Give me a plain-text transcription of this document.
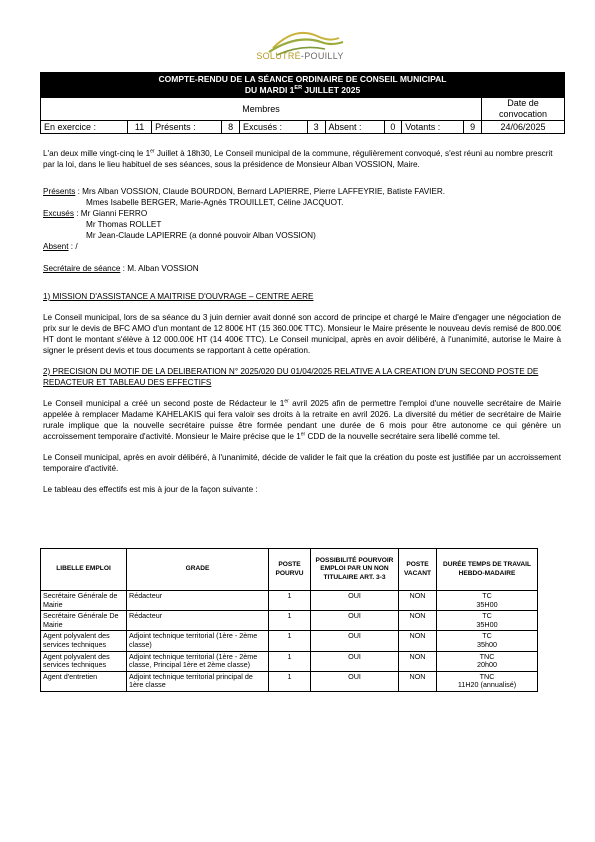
SOLUTRÉ-POUILLY
COMPTE-RENDU DE LA SÉANCE ORDINAIRE DE CONSEIL MUNICIPAL
DU MARDI 1ER JUILLET 2025										

Membres										Date de convocation

En exercice :	11	Présents :	8	Excusés :	3	Absent :	0	Votants :	9	24/06/2025

L'an deux mille vingt-cinq le 1er Juillet à 18h30, Le Conseil municipal de la commune, régulièrement convoqué, s'est réuni au nombre prescrit par la loi, dans le lieu habituel de ses séances, sous la présidence de Monsieur Alban VOSSION, Maire.

Présents : Mrs Alban VOSSION, Claude BOURDON, Bernard LAPIERRE, Pierre LAFFEYRIE, Batiste FAVIER.

Mmes Isabelle BERGER, Marie-Agnès TROUILLET, Céline JACQUOT.

Excusés : Mr Gianni FERRO

Mr Thomas ROLLET

Mr Jean-Claude LAPIERRE (a donné pouvoir Alban VOSSION)

Absent : /

Secrétaire de séance : M. Alban VOSSION

1) MISSION D'ASSISTANCE A MAITRISE D'OUVRAGE – CENTRE AERE

Le Conseil municipal, lors de sa séance du 3 juin dernier avait donné son accord de principe et chargé le Maire d'engager une négociation de prix sur le devis de BFC AMO d'un montant de 12 800€ HT (15 360.00€ TTC). Monsieur le Maire présente le nouveau devis remisé de 800.00€ HT dont le montant s'élève à 12 000.00€ HT (14 400€ TTC). Le Conseil municipal, après en avoir délibéré, à l'unanimité, autorise le Maire à signer le présent devis et tous documents se rapportant à cette opération.

2) PRECISION DU MOTIF DE LA DELIBERATION N° 2025/020 DU 01/04/2025 RELATIVE A LA CREATION D'UN SECOND POSTE DE REDACTEUR ET TABLEAU DES EFFECTIFS

Le Conseil municipal a créé un second poste de Rédacteur le 1er avril 2025 afin de permettre l'emploi d'une nouvelle secrétaire de Mairie appelée à remplacer Madame KAHELAKIS qui fera valoir ses droits à la retraite en avril 2026. La diversité du métier de secrétaire de Mairie rurale implique que la nouvelle secrétaire puisse être formée pendant une durée de 6 mois pour être autonome ce qui génère un accroissement temporaire d'activité. Monsieur le Maire précise que le 1er CDD de la nouvelle secrétaire sera libellé comme tel.

Le Conseil municipal, après en avoir délibéré, à l'unanimité, décide de valider le fait que la création du poste est justifiée par un accroissement temporaire d'activité.

Le tableau des effectifs est mis à jour de la façon suivante :

LIBELLE EMPLOI	GRADE	POSTE POURVU	POSSIBILITÉ POURVOIR EMPLOI PAR UN NON TITULAIRE ART. 3-3	POSTE VACANT	DURÉE TEMPS DE TRAVAIL HEBDO-MADAIRE
Secrétaire Générale de Mairie	Rédacteur	1	OUI	NON	TC
35H00

Secrétaire Générale De Mairie	Rédacteur	1	OUI	NON	TC
35H00

Agent polyvalent des services techniques	Adjoint technique territorial (1ère - 2ème classe)	1	OUI	NON	TC
35h00

Agent polyvalent des services techniques	Adjoint technique territorial (1ère - 2ème classe, Principal 1ère et 2ème classe)	1	OUI	NON	TNC
20h00

Agent d'entretien	Adjoint technique territorial principal de 1ère classe	1	OUI	NON	TNC
11H20 (annualisé)
